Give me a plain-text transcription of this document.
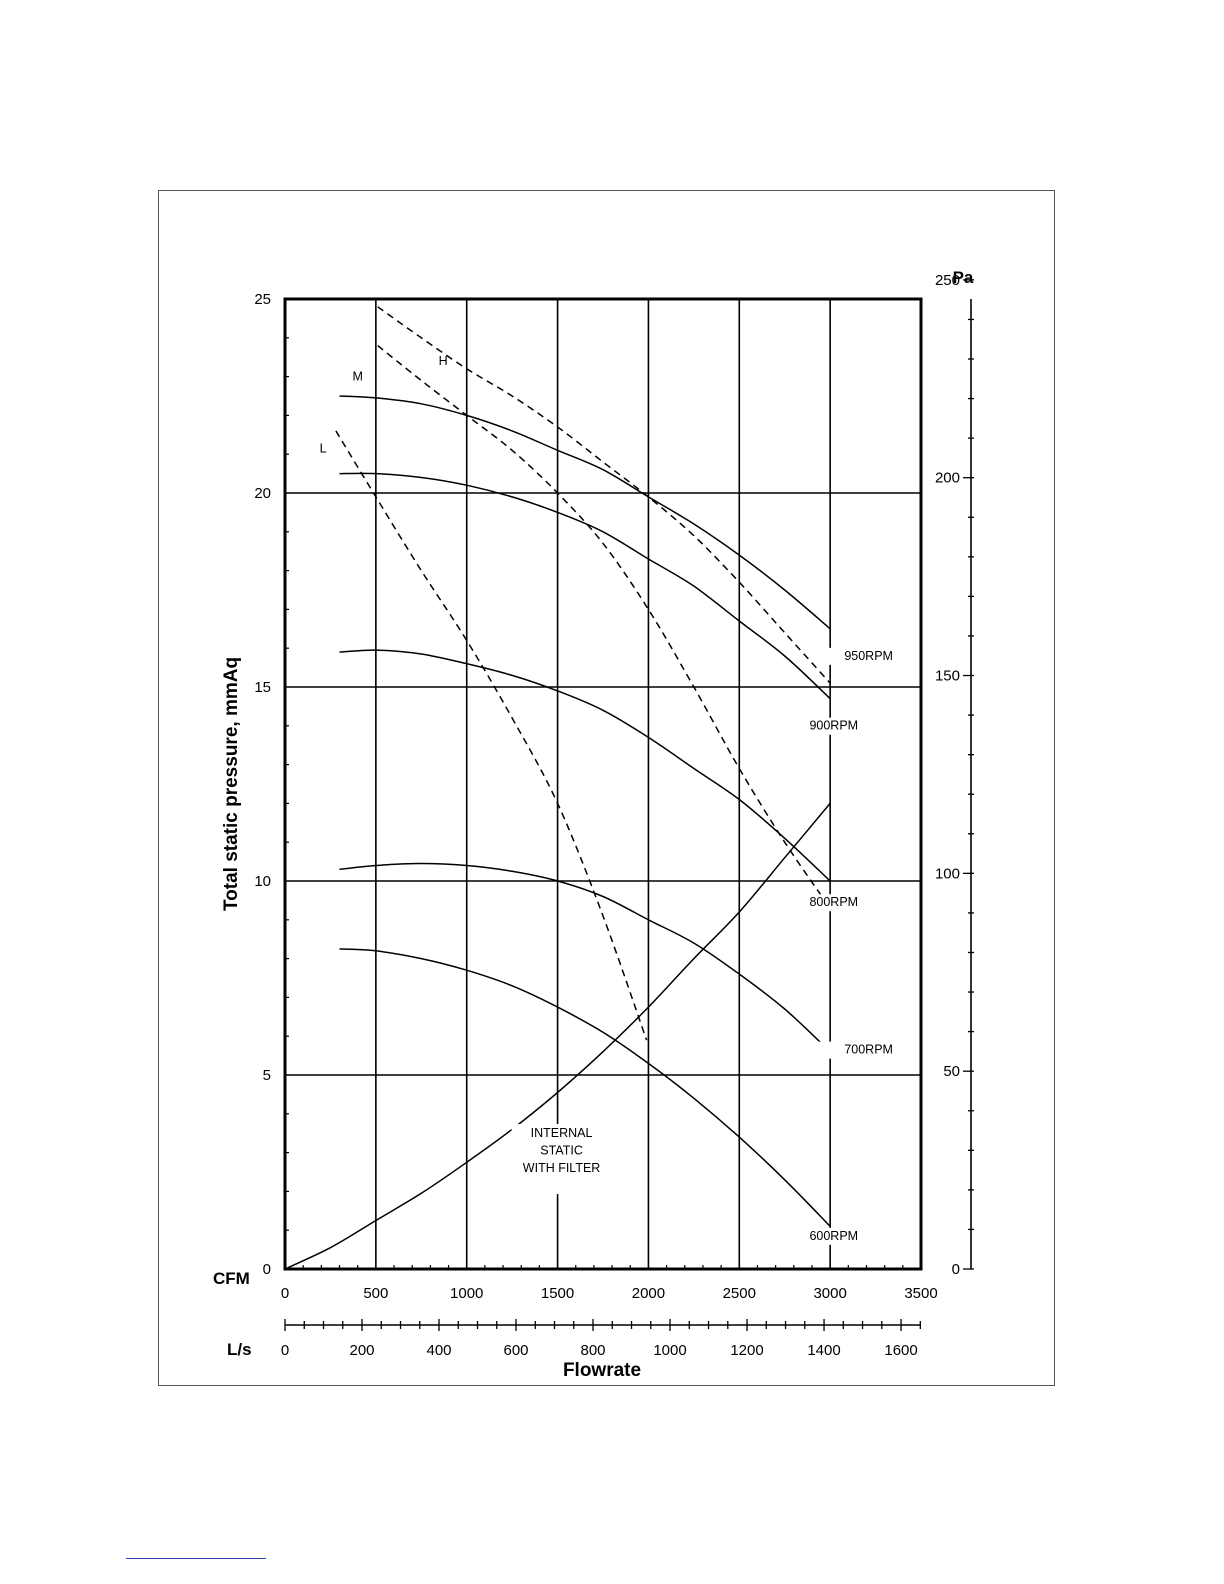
0
5
10
15
20
25
0	500	1000	1500	2000	2500	3000	3500
CFM
0	200	400	600	800	1000	1200	1400	1600
L/s
Flowrate
Total static pressure, mmAq
0
50
100
150
200
250
Pa
950RPM
900RPM
800RPM
700RPM
600RPM
H
M
L
INTERNAL
STATIC
WITH FILTER
